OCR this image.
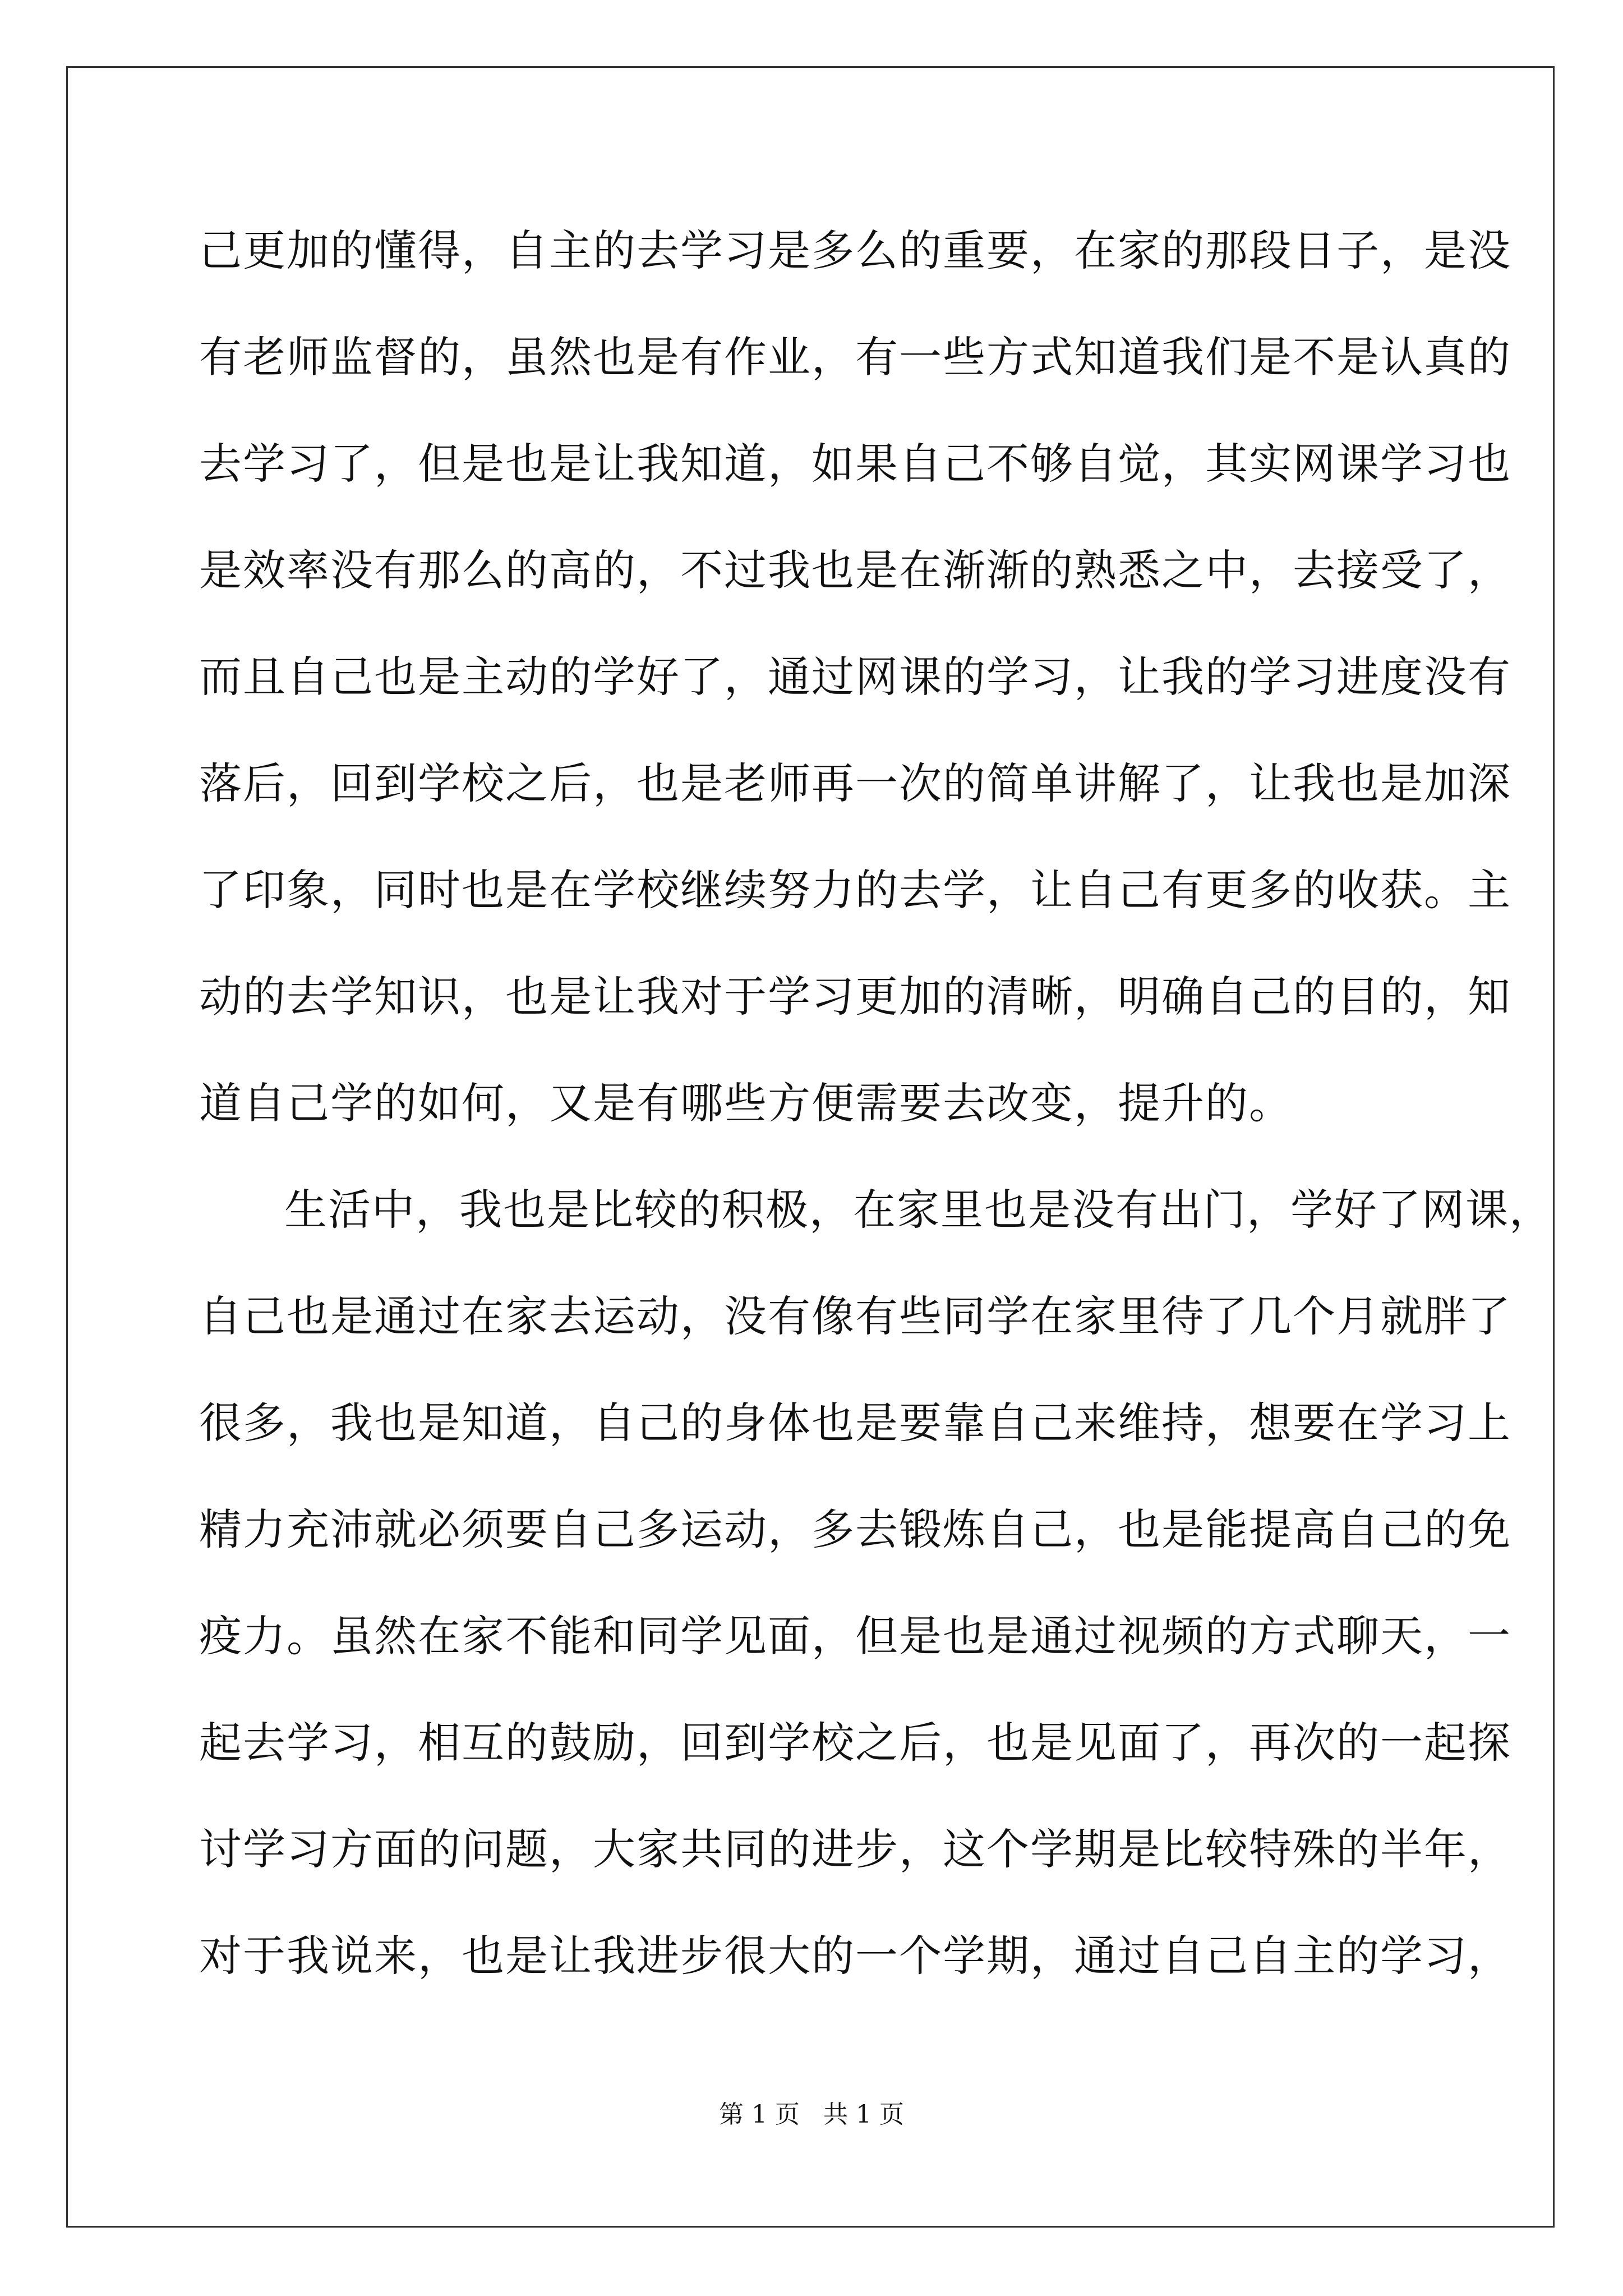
己更加的懂得，自主的去学习是多么的重要，在家的那段日子，是没
有老师监督的，虽然也是有作业，有一些方式知道我们是不是认真的
去学习了，但是也是让我知道，如果自己不够自觉，其实网课学习也
是效率没有那么的高的，不过我也是在渐渐的熟悉之中，去接受了，
而且自己也是主动的学好了，通过网课的学习，让我的学习进度没有
落后，回到学校之后，也是老师再一次的简单讲解了，让我也是加深
了印象，同时也是在学校继续努力的去学，让自己有更多的收获。主
动的去学知识，也是让我对于学习更加的清晰，明确自己的目的，知
道自己学的如何，又是有哪些方便需要去改变，提升的。
生活中，我也是比较的积极，在家里也是没有出门，学好了网课，
自己也是通过在家去运动，没有像有些同学在家里待了几个月就胖了
很多，我也是知道，自己的身体也是要靠自己来维持，想要在学习上
精力充沛就必须要自己多运动，多去锻炼自己，也是能提高自己的免
疫力。虽然在家不能和同学见面，但是也是通过视频的方式聊天，一
起去学习，相互的鼓励，回到学校之后，也是见面了，再次的一起探
讨学习方面的问题，大家共同的进步，这个学期是比较特殊的半年，
对于我说来，也是让我进步很大的一个学期，通过自己自主的学习，
第 1 页   共 1 页
